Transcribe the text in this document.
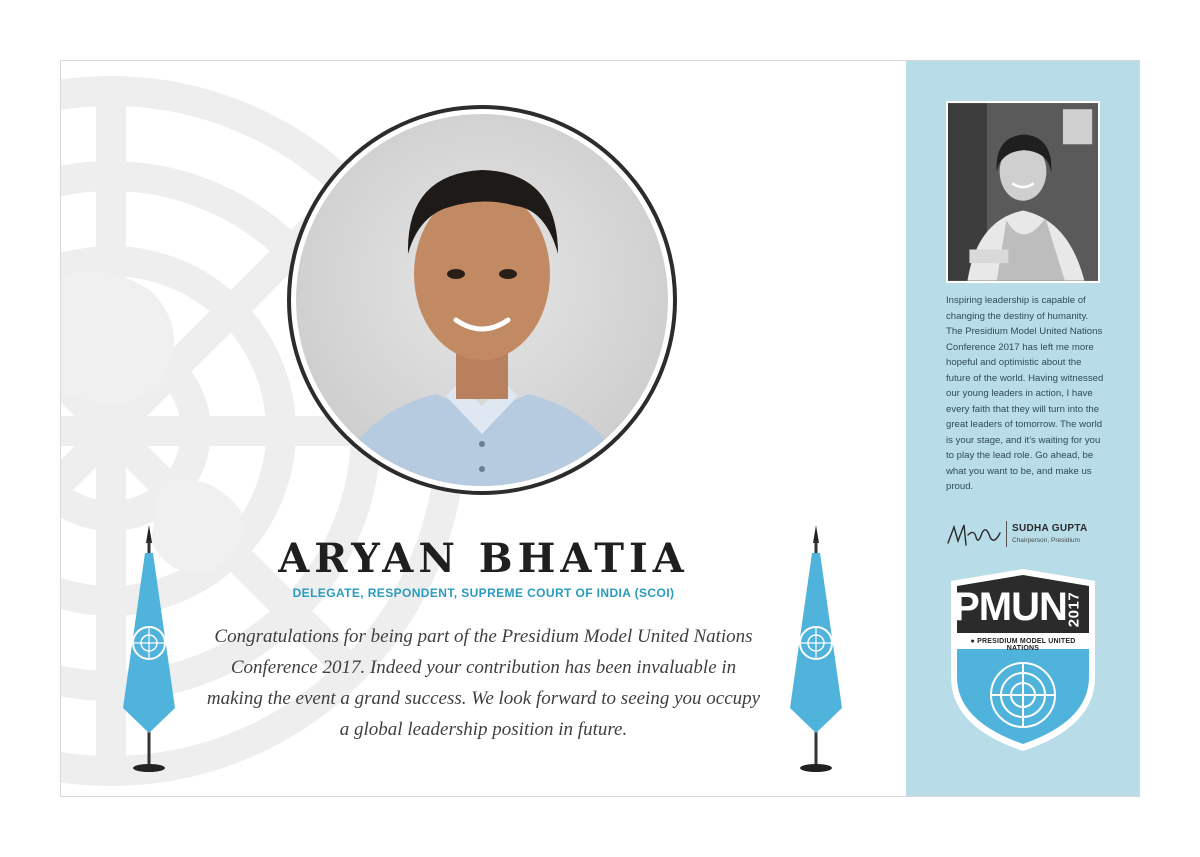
ARYAN BHATIA

DELEGATE, RESPONDENT, SUPREME COURT OF INDIA (SCOI)

Congratulations for being part of the Presidium Model United Nations Conference 2017. Indeed your contribution has been invaluable in making the event a grand success. We look forward to seeing you occupy a global leadership position in future.

Inspiring leadership is capable of changing the destiny of humanity. The Presidium Model United Nations Conference 2017 has left me more hopeful and optimistic about the future of the world. Having witnessed our young leaders in action, I have every faith that they will turn into the great leaders of tomorrow. The world is your stage, and it's waiting for you to play the lead role. Go ahead, be what you want to be, and make us proud.

SUDHA GUPTA
Chairperson, Presidium
PMUN
2017
● PRESIDIUM MODEL UNITED NATIONS
